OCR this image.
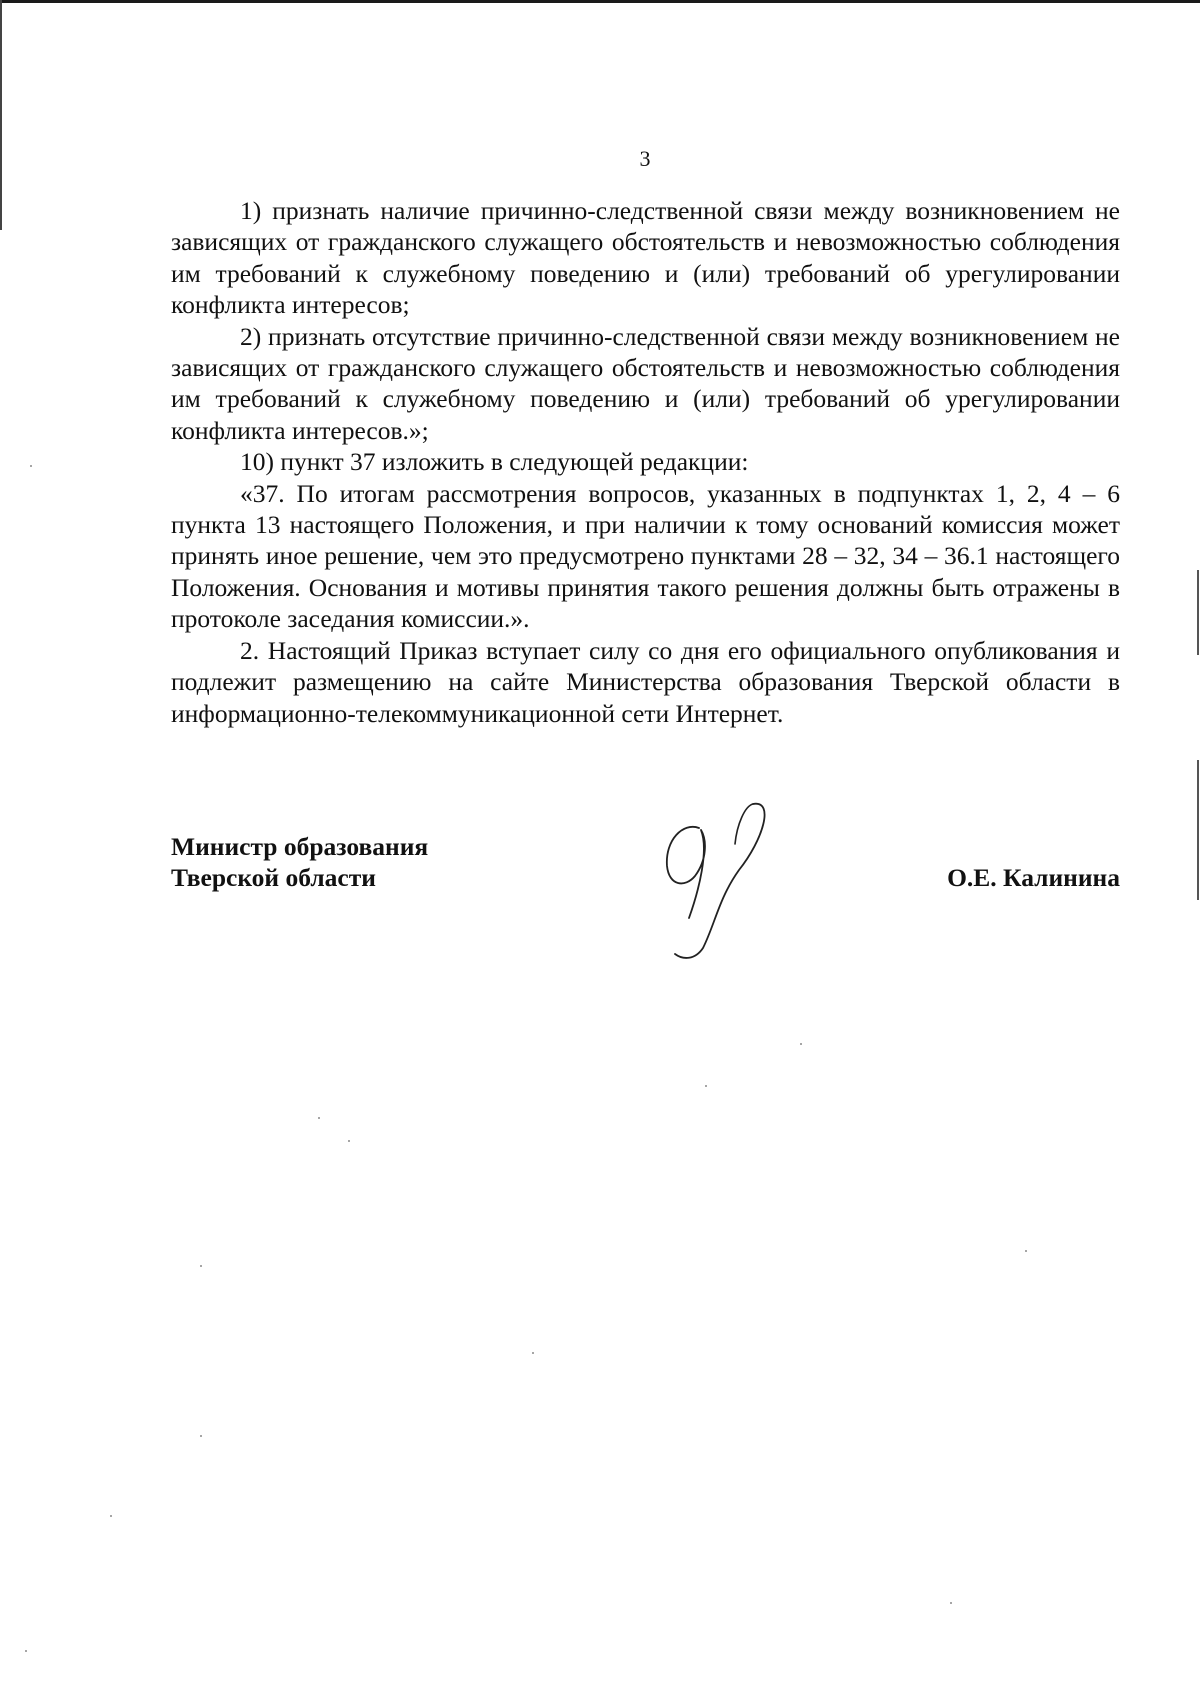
3

1) признать наличие причинно-следственной связи между возникновением не зависящих от гражданского служащего обстоятельств и невозможностью соблюдения им требований к служебному поведению и (или) требований об урегулировании конфликта интересов;

2) признать отсутствие причинно-следственной связи между возникновением не зависящих от гражданского служащего обстоятельств и невозможностью соблюдения им требований к служебному поведению и (или) требований об урегулировании конфликта интересов.»;

10) пункт 37 изложить в следующей редакции:

«37. По итогам рассмотрения вопросов, указанных в подпунктах 1, 2, 4 – 6 пункта 13 настоящего Положения, и при наличии к тому оснований комиссия может принять иное решение, чем это предусмотрено пунктами 28 – 32, 34 – 36.1 настоящего Положения. Основания и мотивы принятия такого решения должны быть отражены в протоколе заседания комиссии.».

2. Настоящий Приказ вступает силу со дня его официального опубликования и подлежит размещению на сайте Министерства образования Тверской области в информационно-телекоммуникационной сети Интернет.

Министр образования
Тверской области	О.Е. Калинина
